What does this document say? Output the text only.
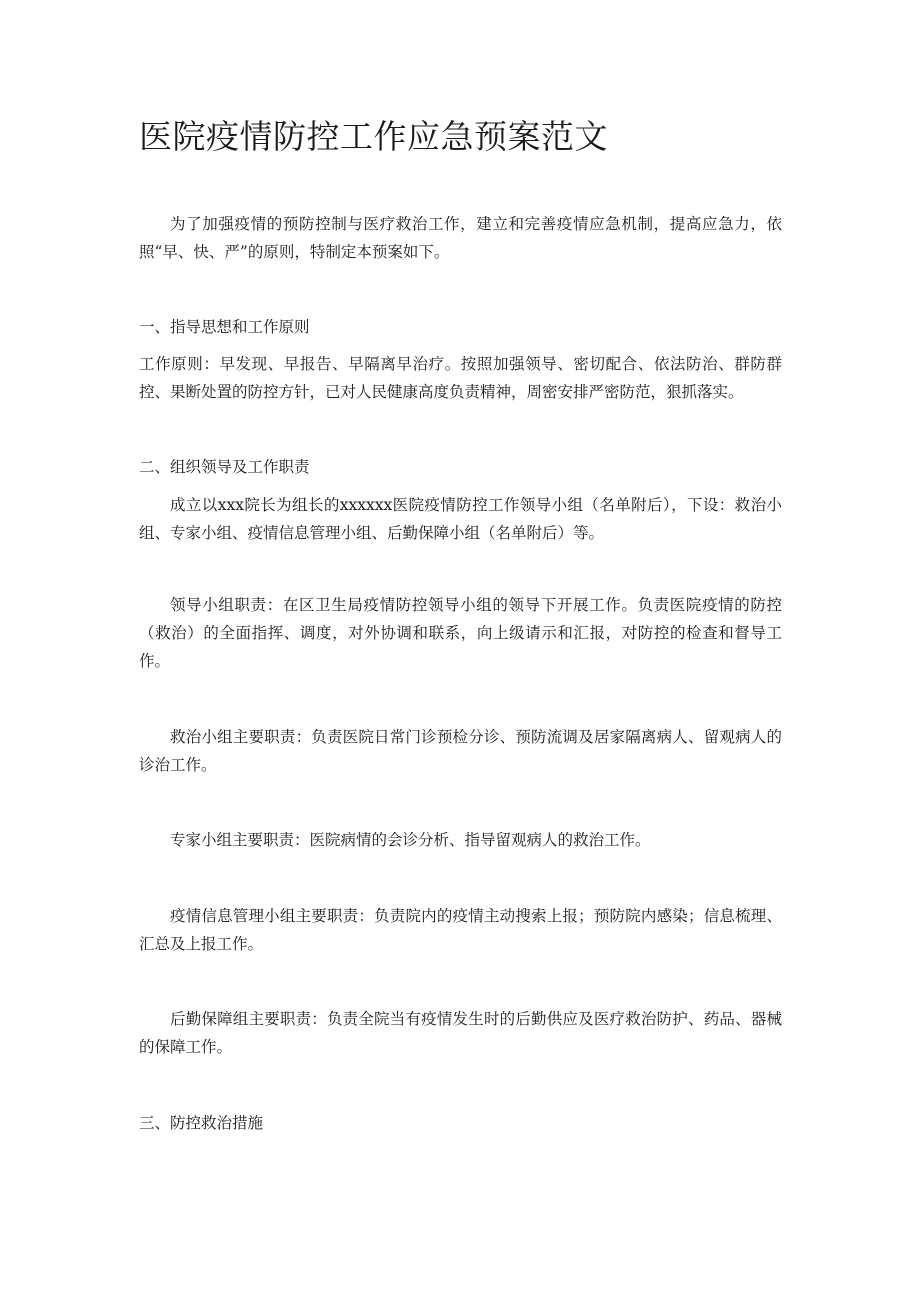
医院疫情防控工作应急预案范文

为了加强疫情的预防控制与医疗救治工作，建立和完善疫情应急机制，提高应急力，依照“早、快、严”的原则，特制定本预案如下。

一、指导思想和工作原则

工作原则：早发现、早报告、早隔离早治疗。按照加强领导、密切配合、依法防治、群防群控、果断处置的防控方针，已对人民健康高度负责精神，周密安排严密防范，狠抓落实。

二、组织领导及工作职责

成立以xxx院长为组长的xxxxxx医院疫情防控工作领导小组（名单附后），下设：救治小组、专家小组、疫情信息管理小组、后勤保障小组（名单附后）等。

领导小组职责：在区卫生局疫情防控领导小组的领导下开展工作。负责医院疫情的防控（救治）的全面指挥、调度，对外协调和联系，向上级请示和汇报，对防控的检查和督导工作。

救治小组主要职责：负责医院日常门诊预检分诊、预防流调及居家隔离病人、留观病人的诊治工作。

专家小组主要职责：医院病情的会诊分析、指导留观病人的救治工作。

疫情信息管理小组主要职责：负责院内的疫情主动搜索上报；预防院内感染；信息梳理、汇总及上报工作。

后勤保障组主要职责：负责全院当有疫情发生时的后勤供应及医疗救治防护、药品、器械的保障工作。

三、防控救治措施
